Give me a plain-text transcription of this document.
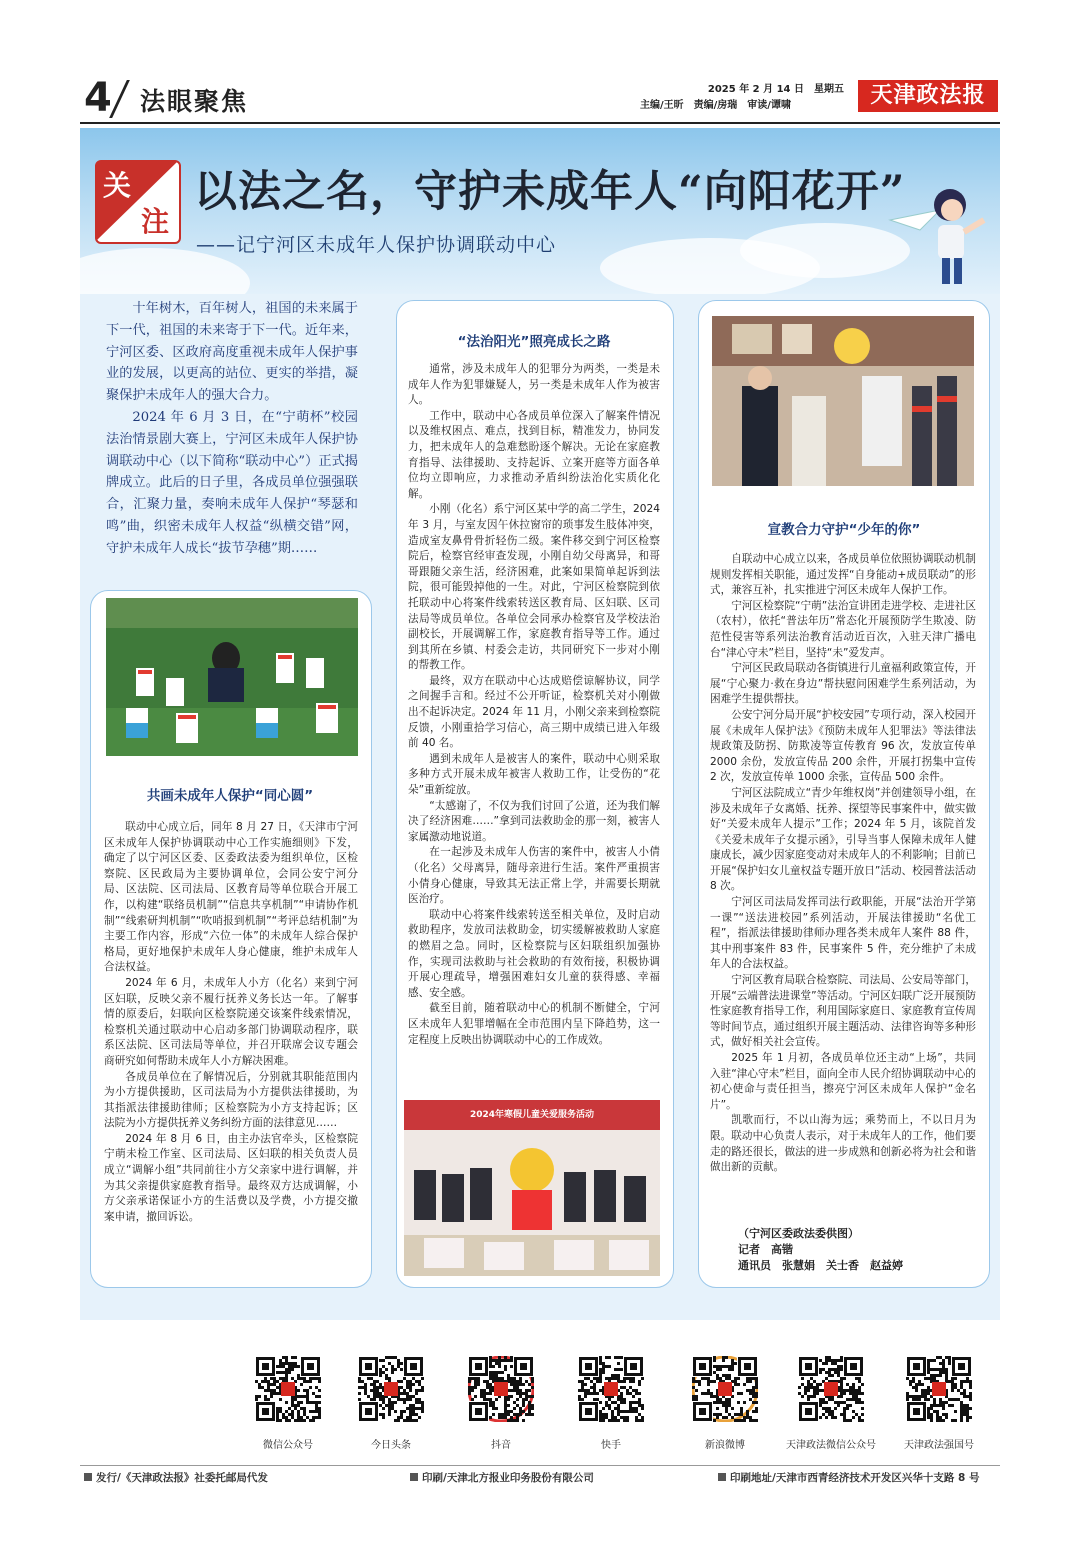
4 法眼聚焦	2025 年 2 月 14 日　星期五
主编/王昕　责编/房瑞　审读/谭啸	天津政法报
关
注
以法之名，守护未成年人“向阳花开”
——记宁河区未成年人保护协调联动中心

十年树木，百年树人，祖国的未来属于下一代，祖国的未来寄于下一代。近年来，宁河区委、区政府高度重视未成年人保护事业的发展，以更高的站位、更实的举措，凝聚保护未成年人的强大合力。

2024 年 6 月 3 日，在“宁萌杯”校园法治情景剧大赛上，宁河区未成年人保护协调联动中心（以下简称“联动中心”）正式揭牌成立。此后的日子里，各成员单位强强联合，汇聚力量，奏响未成年人保护“琴瑟和鸣”曲，织密未成年人权益“纵横交错”网，守护未成年人成长“拔节孕穗”期……

共画未成年人保护“同心圆”

联动中心成立后，同年 8 月 27 日，《天津市宁河区未成年人保护协调联动中心工作实施细则》下发，确定了以宁河区区委、区委政法委为组织单位，区检察院、区民政局为主要协调单位，会同公安宁河分局、区法院、区司法局、区教育局等单位联合开展工作，以构建“联络员机制”“信息共享机制”“申请协作机制”“线索研判机制”“吹哨报到机制”“考评总结机制”为主要工作内容，形成“六位一体”的未成年人综合保护格局，更好地保护未成年人身心健康，维护未成年人合法权益。

2024 年 6 月，未成年人小方（化名）来到宁河区妇联，反映父亲不履行抚养义务长达一年。了解事情的原委后，妇联向区检察院递交该案件线索情况，检察机关通过联动中心启动多部门协调联动程序，联系区法院、区司法局等单位，并召开联席会议专题会商研究如何帮助未成年人小方解决困难。

各成员单位在了解情况后，分别就其职能范围内为小方提供援助，区司法局为小方提供法律援助，为其指派法律援助律师；区检察院为小方支持起诉；区法院为小方提供抚养义务纠纷方面的法律意见……

2024 年 8 月 6 日，由主办法官牵头，区检察院宁萌未检工作室、区司法局、区妇联的相关负责人员成立“调解小组”共同前往小方父亲家中进行调解，并为其父亲提供家庭教育指导。最终双方达成调解，小方父亲承诺保证小方的生活费以及学费，小方提交撤案申请，撤回诉讼。

“法治阳光”照亮成长之路

通常，涉及未成年人的犯罪分为两类，一类是未成年人作为犯罪嫌疑人，另一类是未成年人作为被害人。

工作中，联动中心各成员单位深入了解案件情况以及维权困点、难点，找到目标，精准发力，协同发力，把未成年人的急难愁盼逐个解决。无论在家庭教育指导、法律援助、支持起诉、立案开庭等方面各单位均立即响应，力求推动矛盾纠纷法治化实质化化解。

小刚（化名）系宁河区某中学的高二学生，2024 年 3 月，与室友因午休拉窗帘的琐事发生肢体冲突，造成室友鼻骨骨折轻伤二级。案件移交到宁河区检察院后，检察官经审查发现，小刚自幼父母离异，和哥哥跟随父亲生活，经济困难，此案如果简单起诉到法院，很可能毁掉他的一生。对此，宁河区检察院到依托联动中心将案件线索转送区教育局、区妇联、区司法局等成员单位。各单位会同承办检察官及学校法治副校长，开展调解工作，家庭教育指导等工作。通过到其所在乡镇、村委会走访，共同研究下一步对小刚的帮教工作。

最终，双方在联动中心达成赔偿谅解协议，同学之间握手言和。经过不公开听证，检察机关对小刚做出不起诉决定。2024 年 11 月，小刚父亲来到检察院反馈，小刚重拾学习信心，高三期中成绩已进入年级前 40 名。

遇到未成年人是被害人的案件，联动中心则采取多种方式开展未成年被害人救助工作，让受伤的“花朵”重新绽放。

“太感谢了，不仅为我们讨回了公道，还为我们解决了经济困难……”拿到司法救助金的那一刻，被害人家属激动地说道。

在一起涉及未成年人伤害的案件中，被害人小倩（化名）父母离异，随母亲进行生活。案件严重损害小倩身心健康，导致其无法正常上学，并需要长期就医治疗。

联动中心将案件线索转送至相关单位，及时启动救助程序，发放司法救助金，切实缓解被救助人家庭的燃眉之急。同时，区检察院与区妇联组织加强协作，实现司法救助与社会救助的有效衔接，积极协调开展心理疏导，增强困难妇女儿童的获得感、幸福感、安全感。

截至目前，随着联动中心的机制不断健全，宁河区未成年人犯罪增幅在全市范围内呈下降趋势，这一定程度上反映出协调联动中心的工作成效。

2024年寒假儿童关爱服务活动
宣教合力守护“少年的你”

自联动中心成立以来，各成员单位依照协调联动机制规则发挥相关职能，通过发挥“自身能动+成员联动”的形式，兼容互补，扎实推进宁河区未成年人保护工作。

宁河区检察院“宁萌”法治宣讲团走进学校、走进社区（农村），依托“普法年历”常态化开展预防学生欺凌、防范性侵害等系列法治教育活动近百次，入驻天津广播电台“津心守未”栏目，坚持“未”爱发声。

宁河区民政局联动各街镇进行儿童福利政策宣传，开展“宁心聚力·救在身边”帮扶慰问困难学生系列活动，为困难学生提供帮扶。

公安宁河分局开展“护校安园”专项行动，深入校园开展《未成年人保护法》《预防未成年人犯罪法》等法律法规政策及防拐、防欺凌等宣传教育 96 次，发放宣传单 2000 余份，发放宣传品 200 余件，开展打拐集中宣传 2 次，发放宣传单 1000 余张，宣传品 500 余件。

宁河区法院成立“青少年维权岗”并创建领导小组，在涉及未成年子女离婚、抚养、探望等民事案件中，做实做好“关爱未成年人提示”工作；2024 年 5 月，该院首发《关爱未成年子女提示函》，引导当事人保障未成年人健康成长，减少因家庭变动对未成年人的不利影响；目前已开展“保护妇女儿童权益专题开放日”活动、校园普法活动 8 次。

宁河区司法局发挥司法行政职能，开展“法治开学第一课”“送法进校园”系列活动，开展法律援助“名优工程”，指派法律援助律师办理各类未成年人案件 88 件，其中刑事案件 83 件，民事案件 5 件，充分维护了未成年人的合法权益。

宁河区教育局联合检察院、司法局、公安局等部门，开展“云端普法进课堂”等活动。宁河区妇联广泛开展预防性家庭教育指导工作，利用国际家庭日、家庭教育宣传周等时间节点，通过组织开展主题活动、法律咨询等多种形式，做好相关社会宣传。

2025 年 1 月初，各成员单位还主动“上场”，共同入驻“津心守未”栏目，面向全市人民介绍协调联动中心的初心使命与责任担当，擦亮宁河区未成年人保护“金名片”。

凯歌而行，不以山海为远；乘势而上，不以日月为限。联动中心负责人表示，对于未成年人的工作，他们要走的路还很长，做法的进一步成熟和创新必将为社会和谐做出新的贡献。

（宁河区委政法委供图）
记者　高锴
通讯员　张慧娟　关士香　赵益婷
微信公众号	今日头条	抖音	快手	新浪微博	天津政法微信公众号	天津政法强国号
发行/《天津政法报》社委托邮局代发	印刷/天津北方报业印务股份有限公司	印刷地址/天津市西青经济技术开发区兴华十支路 8 号
